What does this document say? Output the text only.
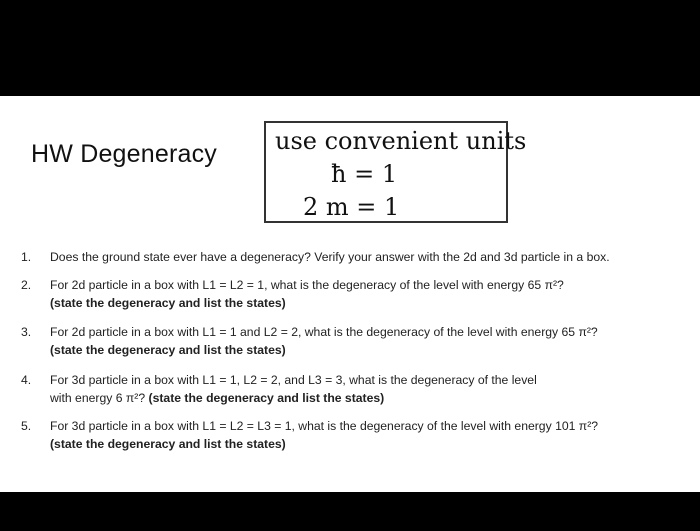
HW Degeneracy use convenient units
ħ = 1
2 m = 1
1. Does the ground state ever have a degeneracy? Verify your answer with the 2d and 3d particle in a box.
2. For 2d particle in a box with L1 = L2 = 1, what is the degeneracy of the level with energy 65 π²?
(state the degeneracy and list the states)
3. For 2d particle in a box with L1 = 1 and L2 = 2, what is the degeneracy of the level with energy 65 π²?
(state the degeneracy and list the states)
4. For 3d particle in a box with L1 = 1, L2 = 2, and L3 = 3, what is the degeneracy of the level
with energy 6 π²? (state the degeneracy and list the states)
5. For 3d particle in a box with L1 = L2 = L3 = 1, what is the degeneracy of the level with energy 101 π²?
(state the degeneracy and list the states)
